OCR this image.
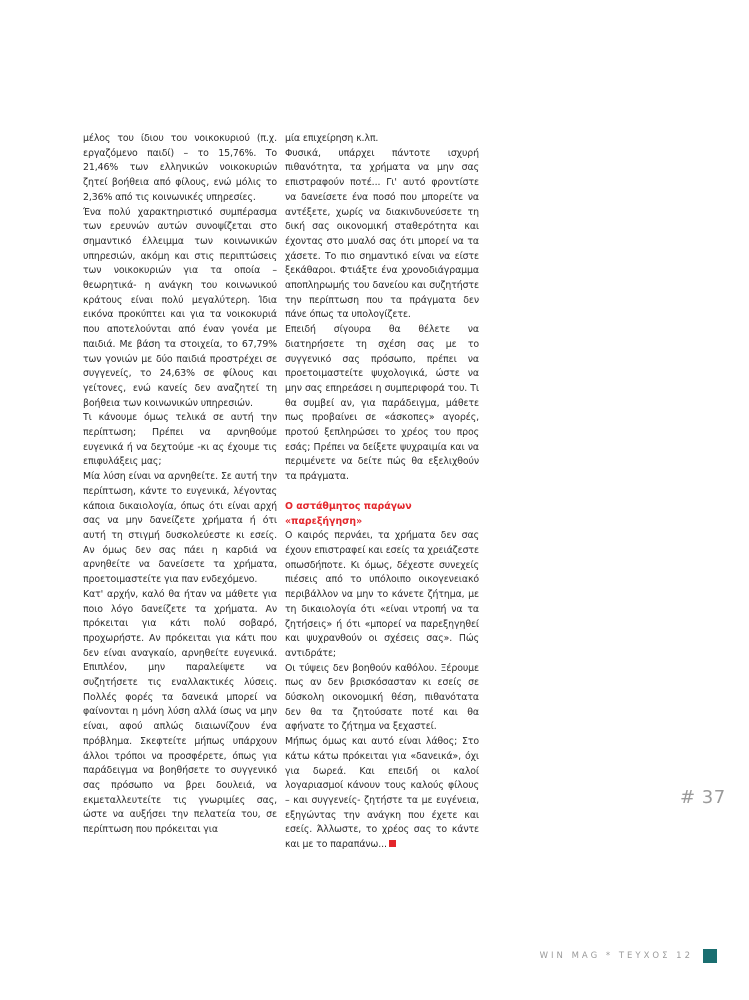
μέλος του ίδιου του νοικοκυριού (π.χ. εργαζόμενο παιδί) – το 15,76%. Το 21,46% των ελληνικών νοικοκυριών ζητεί βοήθεια από φίλους, ενώ μόλις το 2,36% από τις κοινωνικές υπηρεσίες.

Ένα πολύ χαρακτηριστικό συμπέρασμα των ερευνών αυτών συνοψίζεται στο σημαντικό έλλειμμα των κοινωνικών υπηρεσιών, ακόμη και στις περιπτώσεις των νοικοκυριών για τα οποία – θεωρητικά- η ανάγκη του κοινωνικού κράτους είναι πολύ μεγαλύτερη. Ίδια εικόνα προκύπτει και για τα νοικοκυριά που αποτελούνται από έναν γονέα με παιδιά. Με βάση τα στοιχεία, το 67,79% των γονιών με δύο παιδιά προστρέχει σε συγγενείς, το 24,63% σε φίλους και γείτονες, ενώ κανείς δεν αναζητεί τη βοήθεια των κοινωνικών υπηρεσιών.

Τι κάνουμε όμως τελικά σε αυτή την περίπτωση; Πρέπει να αρνηθούμε ευγενικά ή να δεχτούμε -κι ας έχουμε τις επιφυλάξεις μας;

Μία λύση είναι να αρνηθείτε. Σε αυτή την περίπτωση, κάντε το ευγενικά, λέγοντας κάποια δικαιολογία, όπως ότι είναι αρχή σας να μην δανείζετε χρήματα ή ότι αυτή τη στιγμή δυσκολεύεστε κι εσείς. Αν όμως δεν σας πάει η καρδιά να αρνηθείτε να δανείσετε τα χρήματα, προετοιμαστείτε για παν ενδεχόμενο.

Κατ' αρχήν, καλό θα ήταν να μάθετε για ποιο λόγο δανείζετε τα χρήματα. Αν πρόκειται για κάτι πολύ σοβαρό, προχωρήστε. Αν πρόκειται για κάτι που δεν είναι αναγκαίο, αρνηθείτε ευγενικά. Επιπλέον, μην παραλείψετε να συζητήσετε τις εναλλακτικές λύσεις. Πολλές φορές τα δανεικά μπορεί να φαίνονται η μόνη λύση αλλά ίσως να μην είναι, αφού απλώς διαιωνίζουν ένα πρόβλημα. Σκεφτείτε μήπως υπάρχουν άλλοι τρόποι να προσφέρετε, όπως για παράδειγμα να βοηθήσετε το συγγενικό σας πρόσωπο να βρει δουλειά, να εκμεταλλευτείτε τις γνωριμίες σας, ώστε να αυξήσει την πελατεία του, σε περίπτωση που πρόκειται για

μία επιχείρηση κ.λπ.

Φυσικά, υπάρχει πάντοτε ισχυρή πιθανότητα, τα χρήματα να μην σας επιστραφούν ποτέ... Γι' αυτό φροντίστε να δανείσετε ένα ποσό που μπορείτε να αντέξετε, χωρίς να διακινδυνεύσετε τη δική σας οικονομική σταθερότητα και έχοντας στο μυαλό σας ότι μπορεί να τα χάσετε. Το πιο σημαντικό είναι να είστε ξεκάθαροι. Φτιάξτε ένα χρονοδιάγραμμα αποπληρωμής του δανείου και συζητήστε την περίπτωση που τα πράγματα δεν πάνε όπως τα υπολογίζετε.

Επειδή σίγουρα θα θέλετε να διατηρήσετε τη σχέση σας με το συγγενικό σας πρόσωπο, πρέπει να προετοιμαστείτε ψυχολογικά, ώστε να μην σας επηρεάσει η συμπεριφορά του. Τι θα συμβεί αν, για παράδειγμα, μάθετε πως προβαίνει σε «άσκοπες» αγορές, προτού ξεπληρώσει το χρέος του προς εσάς; Πρέπει να δείξετε ψυχραιμία και να περιμένετε να δείτε πώς θα εξελιχθούν τα πράγματα.

Ο αστάθμητος παράγων «παρεξήγηση»

Ο καιρός περνάει, τα χρήματα δεν σας έχουν επιστραφεί και εσείς τα χρειάζεστε οπωσδήποτε. Κι όμως, δέχεστε συνεχείς πιέσεις από το υπόλοιπο οικογενειακό περιβάλλον να μην το κάνετε ζήτημα, με τη δικαιολογία ότι «είναι ντροπή να τα ζητήσεις» ή ότι «μπορεί να παρεξηγηθεί και ψυχρανθούν οι σχέσεις σας». Πώς αντιδράτε;

Οι τύψεις δεν βοηθούν καθόλου. Ξέρουμε πως αν δεν βρισκόσασταν κι εσείς σε δύσκολη οικονομική θέση, πιθανότατα δεν θα τα ζητούσατε ποτέ και θα αφήνατε το ζήτημα να ξεχαστεί.

Μήπως όμως και αυτό είναι λάθος; Στο κάτω κάτω πρόκειται για «δανεικά», όχι για δωρεά. Και επειδή οι καλοί λογαριασμοί κάνουν τους καλούς φίλους – και συγγενείς- ζητήστε τα με ευγένεια, εξηγώντας την ανάγκη που έχετε και εσείς. Άλλωστε, το χρέος σας το κάντε και με το παραπάνω...

# 37
WIN MAG * ΤΕΥΧΟΣ 12
